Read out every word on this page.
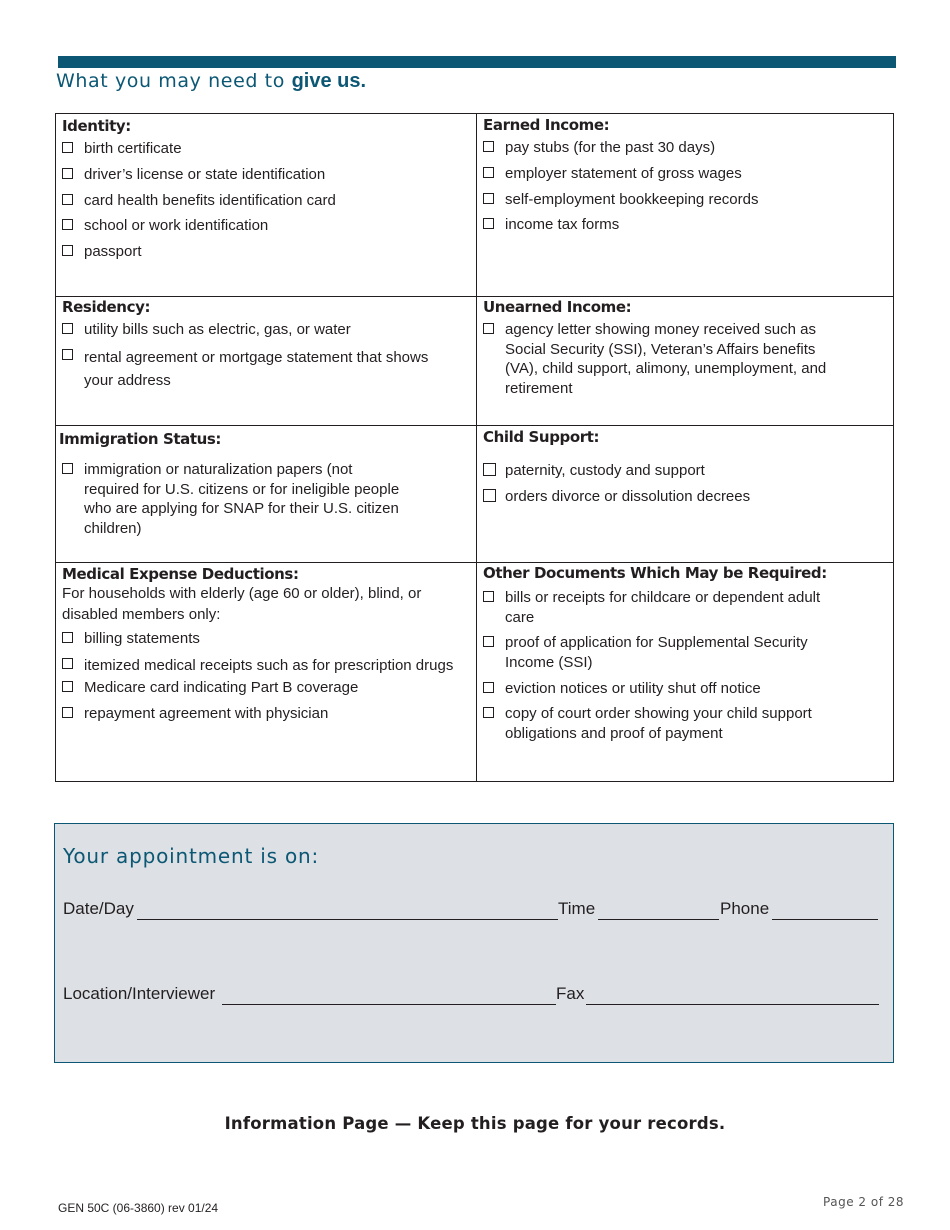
What you may need to give us.
Identity:
birth certificate
driver’s license or state identification
card health benefits identification card
school or work identification
passport
Earned Income:
pay stubs (for the past 30 days)
employer statement of gross wages
self-employment bookkeeping records
income tax forms
Residency:
utility bills such as electric, gas, or water
rental agreement or mortgage statement that shows your address
Unearned Income:
agency letter showing money received such as Social Security (SSI), Veteran’s Affairs benefits (VA), child support, alimony, unemployment, and retirement
Immigration Status:
immigration or naturalization papers (not required for U.S. citizens or for ineligible people who are applying for SNAP for their U.S. citizen children)
Child Support:
paternity, custody and support
orders divorce or dissolution decrees
Medical Expense Deductions:

For households with elderly (age 60 or older), blind, or disabled members only:

billing statements
itemized medical receipts such as for prescription drugs
Medicare card indicating Part B coverage
repayment agreement with physician
Other Documents Which May be Required:
bills or receipts for childcare or dependent adult care
proof of application for Supplemental Security Income (SSI)
eviction notices or utility shut off notice
copy of court order showing your child support obligations and proof of payment
Your appointment is on:
Date/Day	Time	Phone
Location/Interviewer	Fax
Information Page — Keep this page for your records.
GEN 50C (06-3860) rev 01/24	Page 2 of 28
